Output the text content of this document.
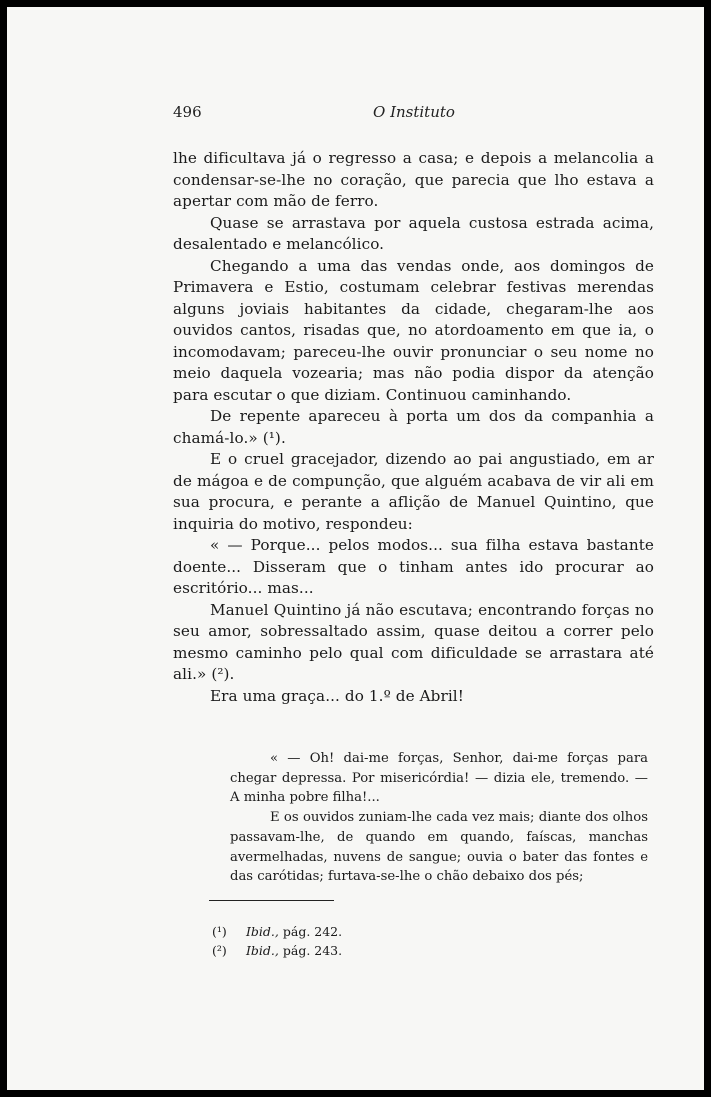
496	O Instituto

lhe dificultava já o regresso a casa; e depois a melancolia a condensar-se-lhe no coração, que parecia que lho estava a apertar com mão de ferro.

Quase se arrastava por aquela custosa estrada acima, desalentado e melancólico.

Chegando a uma das vendas onde, aos domingos de Primavera e Estio, costumam celebrar festivas merendas alguns joviais habitantes da cidade, chegaram-lhe aos ouvidos cantos, risadas que, no atordoamento em que ia, o incomodavam; pareceu-lhe ouvir pronunciar o seu nome no meio daquela vozearia; mas não podia dispor da atenção para escutar o que diziam. Continuou caminhando.

De repente apareceu à porta um dos da companhia a chamá-lo.» (¹).

E o cruel gracejador, dizendo ao pai angustiado, em ar de mágoa e de compunção, que alguém acabava de vir ali em sua procura, e perante a aflição de Manuel Quintino, que inquiria do motivo, respondeu:

« — Porque... pelos modos... sua filha estava bastante doente... Disseram que o tinham antes ido procurar ao escritório... mas...

Manuel Quintino já não escutava; encontrando forças no seu amor, sobressaltado assim, quase deitou a correr pelo mesmo caminho pelo qual com dificuldade se arrastara até ali.» (²).

Era uma graça... do 1.º de Abril!

« — Oh! dai-me forças, Senhor, dai-me forças para chegar depressa. Por misericórdia! — dizia ele, tremendo. — A minha pobre filha!...

E os ouvidos zuniam-lhe cada vez mais; diante dos olhos passavam-lhe, de quando em quando, faíscas, manchas avermelhadas, nuvens de sangue; ouvia o bater das fontes e das carótidas; furtava-se-lhe o chão debaixo dos pés;

(¹) Ibid., pág. 242.
(²) Ibid., pág. 243.
